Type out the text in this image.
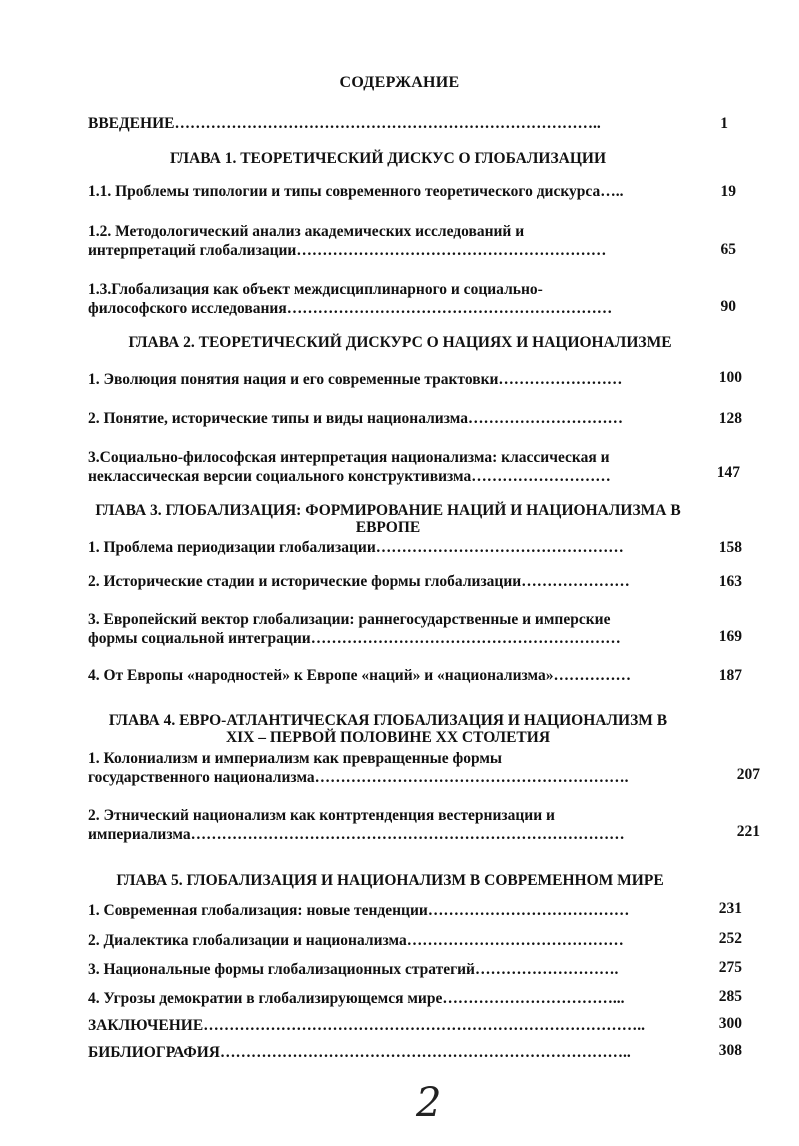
СОДЕРЖАНИЕ
ВВЕДЕНИЕ………………………………………………………………………..	1
ГЛАВА 1. ТЕОРЕТИЧЕСКИЙ ДИСКУС О ГЛОБАЛИЗАЦИИ
1.1. Проблемы типологии и типы современного теоретического дискурса…..	19
1.2. Методологический анализ академических исследований и
интерпретаций глобализации……………………………………………………	65
1.3.Глобализация как объект междисциплинарного и социально-
философского исследования………………………………………………………	90
ГЛАВА 2. ТЕОРЕТИЧЕСКИЙ ДИСКУРС О НАЦИЯХ И НАЦИОНАЛИЗМЕ
1. Эволюция понятия нация и его современные трактовки……………………	100
2. Понятие, исторические типы и виды национализма…………………………	128
3.Социально-философская интерпретация национализма: классическая и
неклассическая версии социального конструктивизма………………………	147
ГЛАВА 3. ГЛОБАЛИЗАЦИЯ: ФОРМИРОВАНИЕ НАЦИЙ И НАЦИОНАЛИЗМА В
ЕВРОПЕ
1. Проблема периодизации глобализации…………………………………………	158
2. Исторические стадии и исторические формы глобализации…………………	163
3. Европейский вектор глобализации: раннегосударственные и имперские
формы социальной интеграции……………………………………………………	169
4. От Европы «народностей» к Европе «наций» и «национализма»……………	187
ГЛАВА 4. ЕВРО-АТЛАНТИЧЕСКАЯ ГЛОБАЛИЗАЦИЯ И НАЦИОНАЛИЗМ В
XIX – ПЕРВОЙ ПОЛОВИНЕ XX СТОЛЕТИЯ
1. Колониализм и империализм как превращенные формы
государственного национализма…………………………………………………….	207
2. Этнический национализм как контртенденция вестернизации и
империализма…………………………………………………………………………	221
ГЛАВА 5. ГЛОБАЛИЗАЦИЯ И НАЦИОНАЛИЗМ В СОВРЕМЕННОМ МИРЕ
1. Современная глобализация: новые тенденции…………………………………	231
2. Диалектика глобализации и национализма……………………………………	252
3. Национальные формы глобализационных стратегий……………………….	275
4. Угрозы демократии в глобализирующемся мире……………………………...	285
ЗАКЛЮЧЕНИЕ…………………………………………………………………………..	300
БИБЛИОГРАФИЯ……………………………………………………………………..	308
2
